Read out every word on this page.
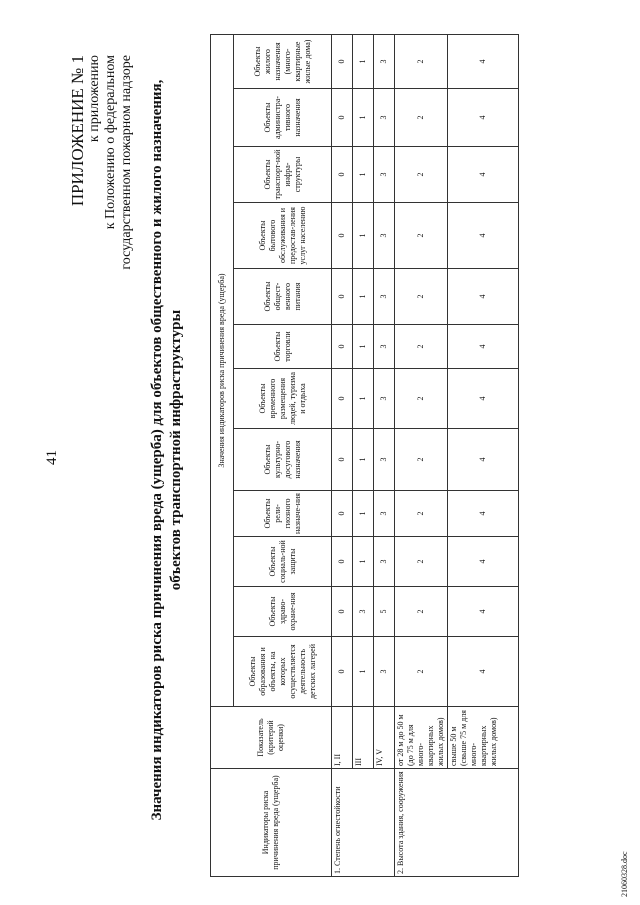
41
ПРИЛОЖЕНИЕ № 1 к приложению к Положению о федеральном государственном пожарном надзоре Значения индикаторов риска причинения вреда (ущерба) для объектов общественного и жилого назначения, объектов транспортной инфраструктуры
Индикаторы риска причинения вреда (ущерба)	Показатель (критерий оценки)	Значения индикаторов риска причинения вреда (ущерба)											
		Объекты образования и объекты, на которых осуществляется деятельность детских лагерей	Объекты здраво-охране-ния	Объекты социаль-ной защиты	Объекты рели-гиозного назначе-ния	Объекты культурно-досугового назначения	Объекты временного размещения людей, туризма и отдыха	Объекты торговли	Объекты общест-венного питания	Объекты бытового обслуживания и предостав-ления услуг населению	Объекты транспорт-ной инфра-структуры	Объекты администра-тивного назначения	Объекты жилого назначения (много-квартирные жилые дома)
1. Степень огнестойкости	I, II	0	0	0	0	0	0	0	0	0	0	0	0
	III	1	3	1	1	1	1	1	1	1	1	1	1
	IV, V	3	5	3	3	3	3	3	3	3	3	3	3
2. Высота здания, сооружения	от 28 м до 50 м (до 75 м для много-квартирных жилых домов)	2	2	2	2	2	2	2	2	2	2	2	2
	свыше 50 м (свыше 75 м для много-квартирных жилых домов)	4	4	4	4	4	4	4	4	4	4	4	4
21060328.doc
